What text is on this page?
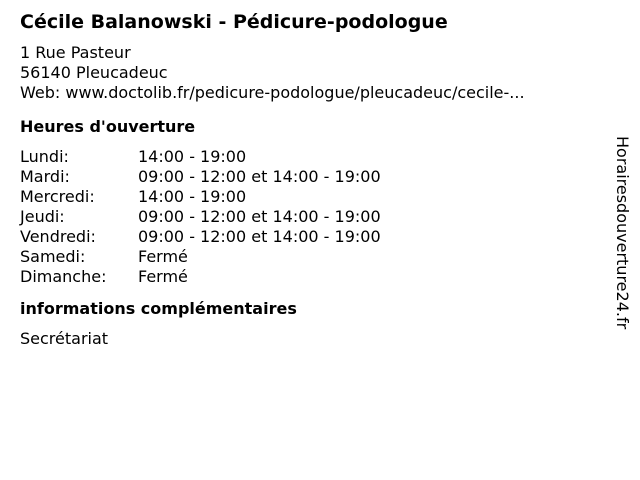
Cécile Balanowski - Pédicure-podologue
1 Rue Pasteur
56140 Pleucadeuc
Web: www.doctolib.fr/pedicure-podologue/pleucadeuc/cecile-...
Heures d'ouverture
Lundi:	14:00 - 19:00
Mardi:	09:00 - 12:00 et 14:00 - 19:00
Mercredi:	14:00 - 19:00
Jeudi:	09:00 - 12:00 et 14:00 - 19:00
Vendredi:	09:00 - 12:00 et 14:00 - 19:00
Samedi:	Fermé
Dimanche:	Fermé
informations complémentaires
Secrétariat
Horairesdouverture24.fr
